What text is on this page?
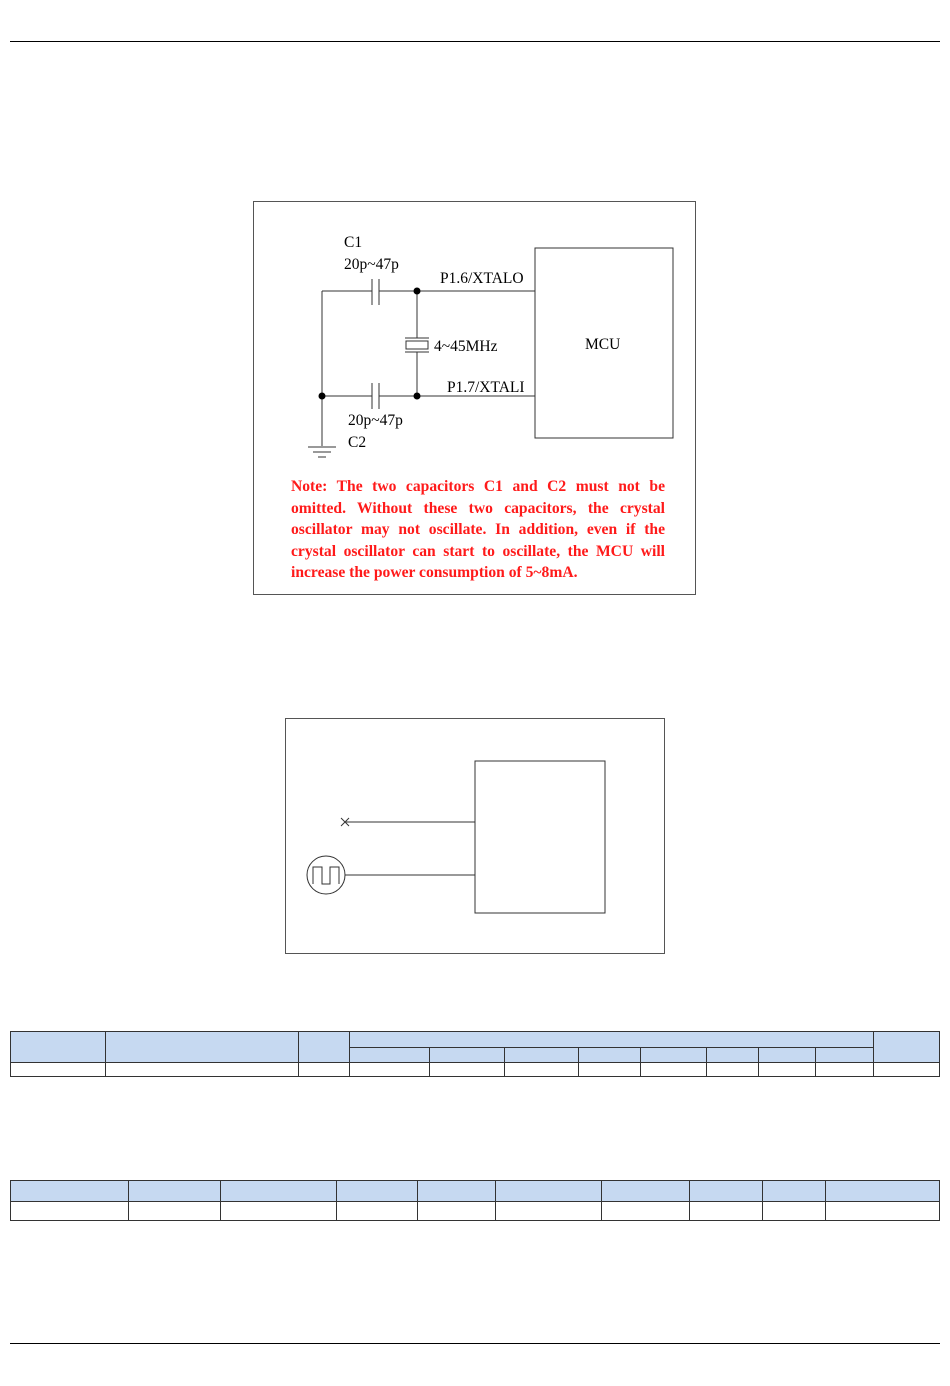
C1
20p~47p
P1.6/XTALO
4~45MHz	MCU
P1.7/XTALI
20p~47p
C2

Note: The two capacitors C1 and C2 must not be omitted. Without these two capacitors, the crystal oscillator may not oscillate. In addition, even if the crystal oscillator can start to oscillate, the MCU will increase the power consumption of 5~8mA.
